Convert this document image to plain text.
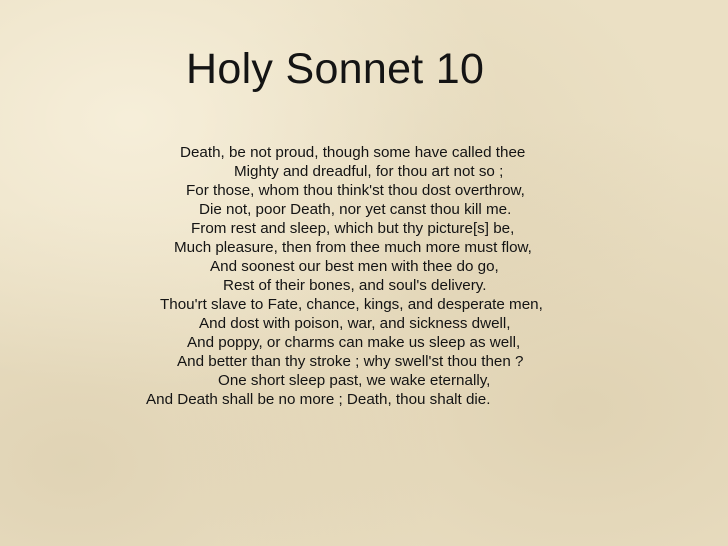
Holy Sonnet 10
Death, be not proud, though some have called thee
Mighty and dreadful, for thou art not so ;
For those, whom thou think'st thou dost overthrow,
Die not, poor Death, nor yet canst thou kill me.
From rest and sleep, which but thy picture[s] be,
Much pleasure, then from thee much more must flow,
And soonest our best men with thee do go,
Rest of their bones, and soul's delivery.
Thou'rt slave to Fate, chance, kings, and desperate men,
And dost with poison, war, and sickness dwell,
And poppy, or charms can make us sleep as well,
And better than thy stroke ; why swell'st thou then ?
One short sleep past, we wake eternally,
And Death shall be no more ; Death, thou shalt die.
